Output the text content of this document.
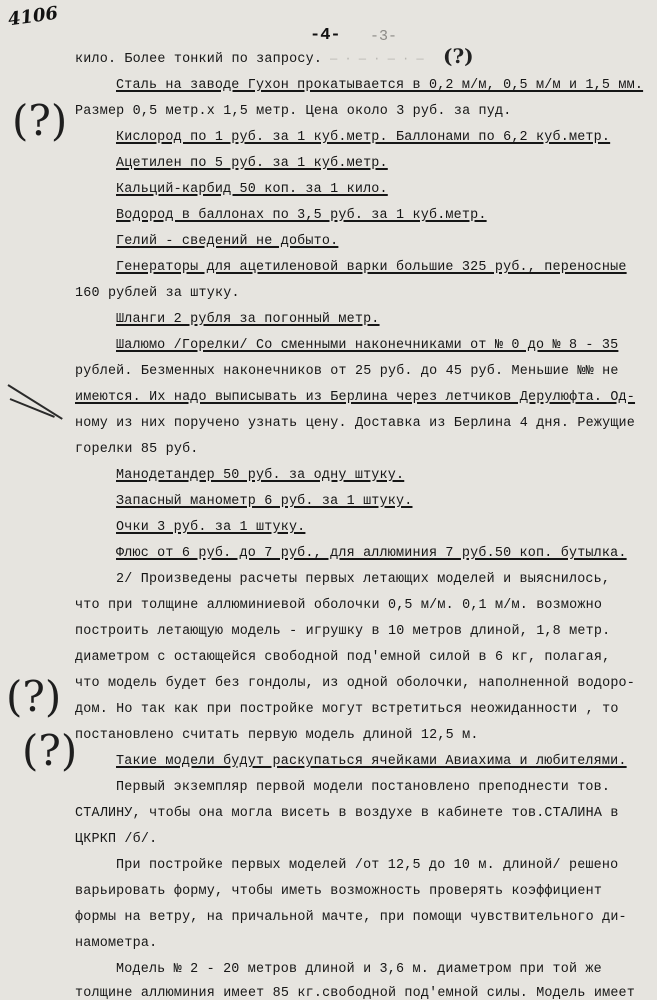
4106
-4- -3-
— · — · — · —
(?)
(?)
(?)
(?)
кило. Более тонкий по запросу.
Сталь на заводе Гухон прокатывается в 0,2 м/м, 0,5 м/м и 1,5 мм.
Размер 0,5 метр.х 1,5 метр. Цена около 3 руб. за пуд.
Кислород по 1 руб. за 1 куб.метр. Баллонами по 6,2 куб.метр.
Ацетилен по 5 руб. за 1 куб.метр.
Кальций-карбид 50 коп. за 1 кило.
Водород в баллонах по 3,5 руб. за 1 куб.метр.
Гелий - сведений не добыто.
Генераторы для ацетиленовой варки большие 325 руб., переносные
160 рублей за штуку.
Шланги 2 рубля за погонный метр.
Шалюмо /Горелки/ Со сменными наконечниками от № 0 до № 8 - 35
рублей. Безменных наконечников от 25 руб. до 45 руб. Меньшие №№ не
имеются. Их надо выписывать из Берлина через летчиков Дерулюфта. Од-
ному из них поручено узнать цену. Доставка из Берлина 4 дня. Режущие
горелки 85 руб.
Манодетандер 50 руб. за одну штуку.
Запасный манометр 6 руб. за 1 штуку.
Очки 3 руб. за 1 штуку.
Флюс от 6 руб. до 7 руб., для аллюминия 7 руб.50 коп. бутылка.
2/ Произведены расчеты первых летающих моделей и выяснилось,
что при толщине аллюминиевой оболочки 0,5 м/м. 0,1 м/м. возможно
построить летающую модель - игрушку в 10 метров длиной, 1,8 метр.
диаметром с остающейся свободной под'емной силой в 6 кг, полагая,
что модель будет без гондолы, из одной оболочки, наполненной водоро-
дом. Но так как при постройке могут встретиться неожиданности , то
постановлено считать первую модель длиной 12,5 м.
Такие модели будут раскупаться ячейками Авиахима и любителями.
Первый экземпляр первой модели постановлено преподнести тов.
СТАЛИНУ, чтобы она могла висеть в воздухе в кабинете тов.СТАЛИНА в
ЦКРКП /б/.
При постройке первых моделей /от 12,5 до 10 м. длиной/ решено
варьировать форму, чтобы иметь возможность проверять коэффициент
формы на ветру, на причальной мачте, при помощи чувствительного ди-
намометра.
Модель № 2 - 20 метров длиной и 3,6 м. диаметром при той же
толщине аллюминия имеет 85 кг.свободной под'емной силы. Модель имеет
